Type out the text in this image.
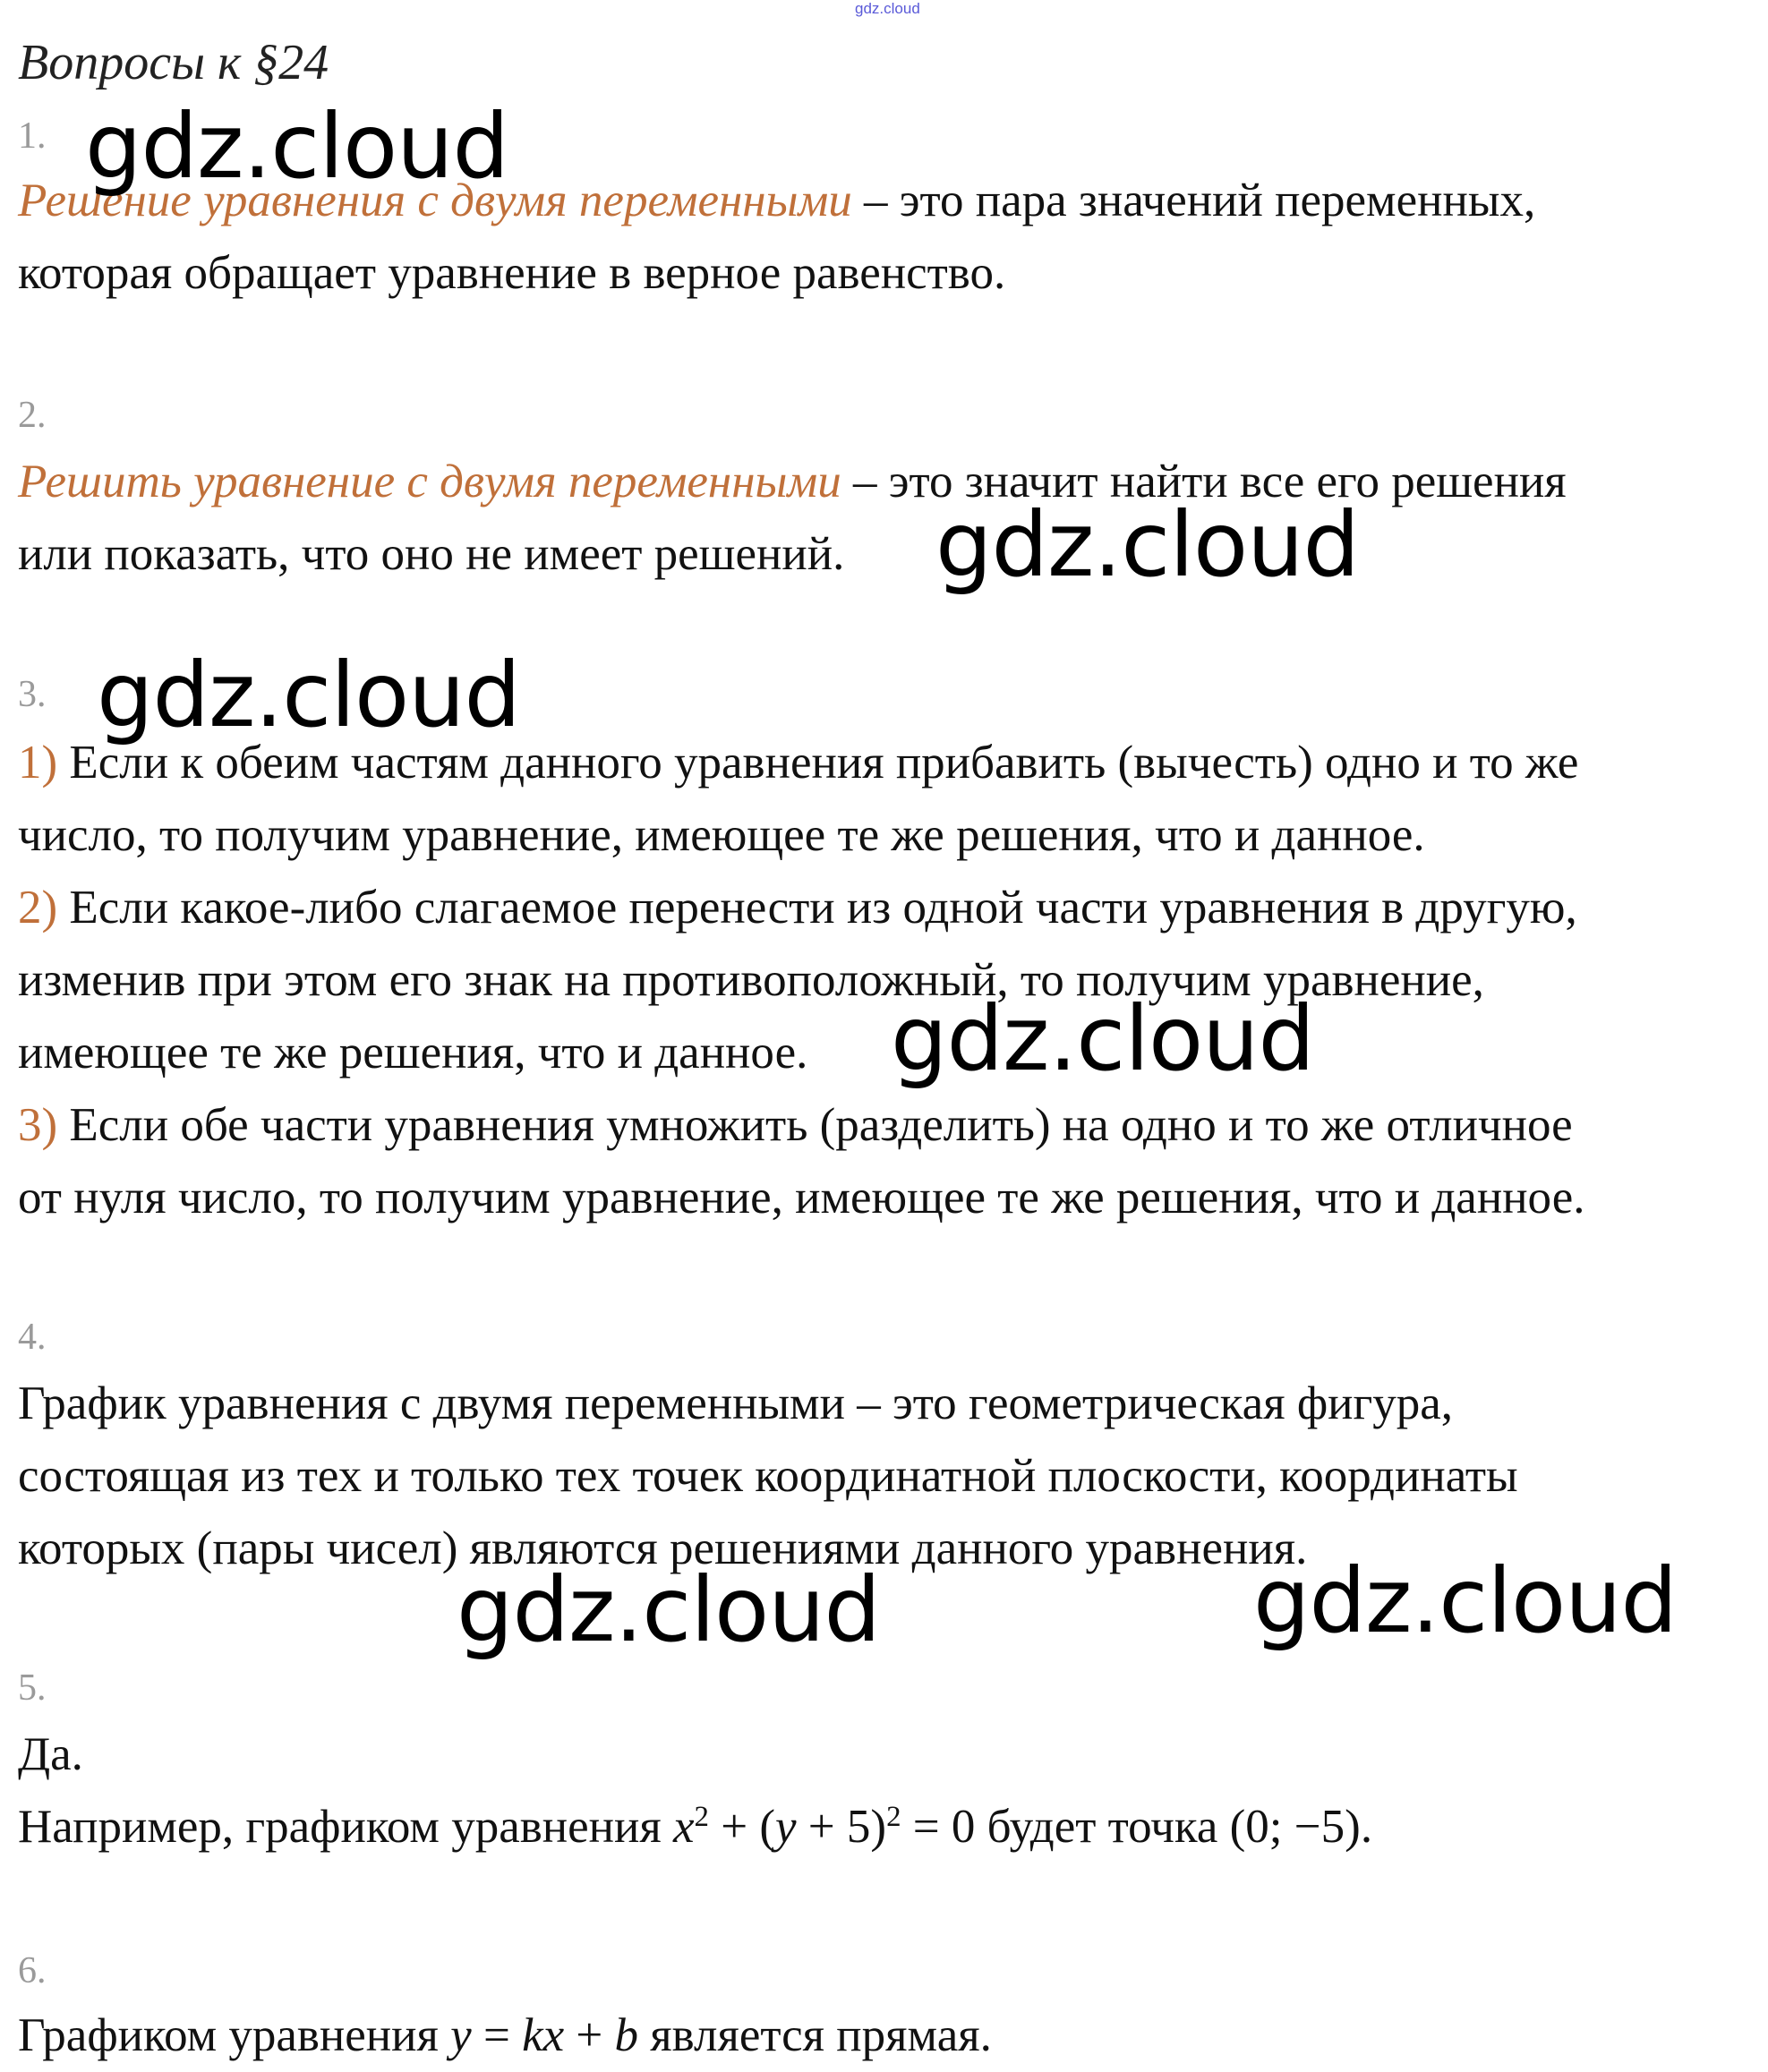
gdz.cloud
Вопросы к §24
1.
Решение уравнения с двумя переменными – это пара значений переменных,
которая обращает уравнение в верное равенство.
2.
Решить уравнение с двумя переменными – это значит найти все его решения
или показать, что оно не имеет решений.
3.
1) Если к обеим частям данного уравнения прибавить (вычесть) одно и то же
число, то получим уравнение, имеющее те же решения, что и данное.
2) Если какое-либо слагаемое перенести из одной части уравнения в другую,
изменив при этом его знак на противоположный, то получим уравнение,
имеющее те же решения, что и данное.
3) Если обе части уравнения умножить (разделить) на одно и то же отличное
от нуля число, то получим уравнение, имеющее те же решения, что и данное.
4.
График уравнения с двумя переменными – это геометрическая фигура,
состоящая из тех и только тех точек координатной плоскости, координаты
которых (пары чисел) являются решениями данного уравнения.
5.
Да.
Например, графиком уравнения $x^2 + (y + 5)^2 = 0$ будет точка (0; −5).
6.
Графиком уравнения y = kx + b является прямая.
gdz.cloud
gdz.cloud
gdz.cloud
gdz.cloud
gdz.cloud	gdz.cloud
